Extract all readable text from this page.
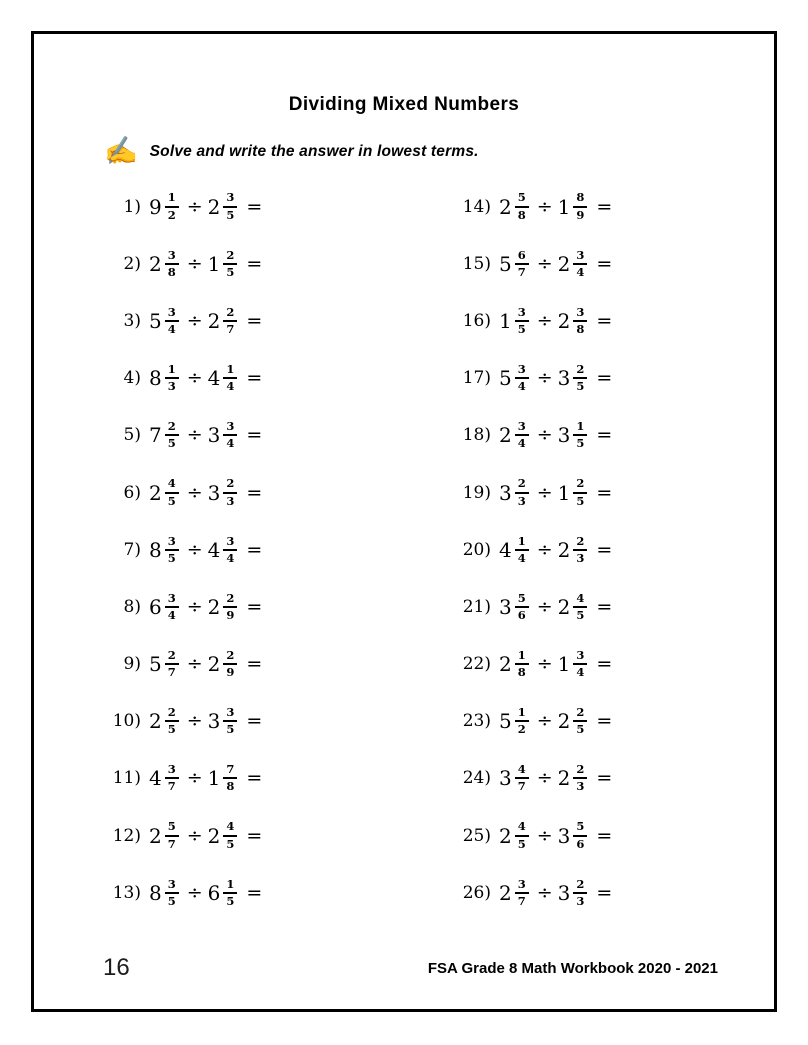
Dividing Mixed Numbers
✍ Solve and write the answer in lowest terms.
1) $9 \frac{1}{2} \div 2 \frac{3}{5}$ =
2) $2 \frac{3}{8} \div 1 \frac{2}{5}$ =
3) $5 \frac{3}{4} \div 2 \frac{2}{7}$ =
4) $8 \frac{1}{3} \div 4 \frac{1}{4}$ =
5) $7 \frac{2}{5} \div 3 \frac{3}{4}$ =
6) $2 \frac{4}{5} \div 3 \frac{2}{3}$ =
7) $8 \frac{3}{5} \div 4 \frac{3}{4}$ =
8) $6 \frac{3}{4} \div 2 \frac{2}{9}$ =
9) $5 \frac{2}{7} \div 2 \frac{2}{9}$ =
10) $2 \frac{2}{5} \div 3 \frac{3}{5}$ =
11) $4 \frac{3}{7} \div 1 \frac{7}{8}$ =
12) $2 \frac{5}{7} \div 2 \frac{4}{5}$ =
13) $8 \frac{3}{5} \div 6 \frac{1}{5}$ =
14) $2 \frac{5}{8} \div 1 \frac{8}{9}$ =
15) $5 \frac{6}{7} \div 2 \frac{3}{4}$ =
16) $1 \frac{3}{5} \div 2 \frac{3}{8}$ =
17) $5 \frac{3}{4} \div 3 \frac{2}{5}$ =
18) $2 \frac{3}{4} \div 3 \frac{1}{5}$ =
19) $3 \frac{2}{3} \div 1 \frac{2}{5}$ =
20) $4 \frac{1}{4} \div 2 \frac{2}{3}$ =
21) $3 \frac{5}{6} \div 2 \frac{4}{5}$ =
22) $2 \frac{1}{8} \div 1 \frac{3}{4}$ =
23) $5 \frac{1}{2} \div 2 \frac{2}{5}$ =
24) $3 \frac{4}{7} \div 2 \frac{2}{3}$ =
25) $2 \frac{4}{5} \div 3 \frac{5}{6}$ =
26) $2 \frac{3}{7} \div 3 \frac{2}{3}$ =
16	FSA Grade 8 Math Workbook 2020 - 2021
